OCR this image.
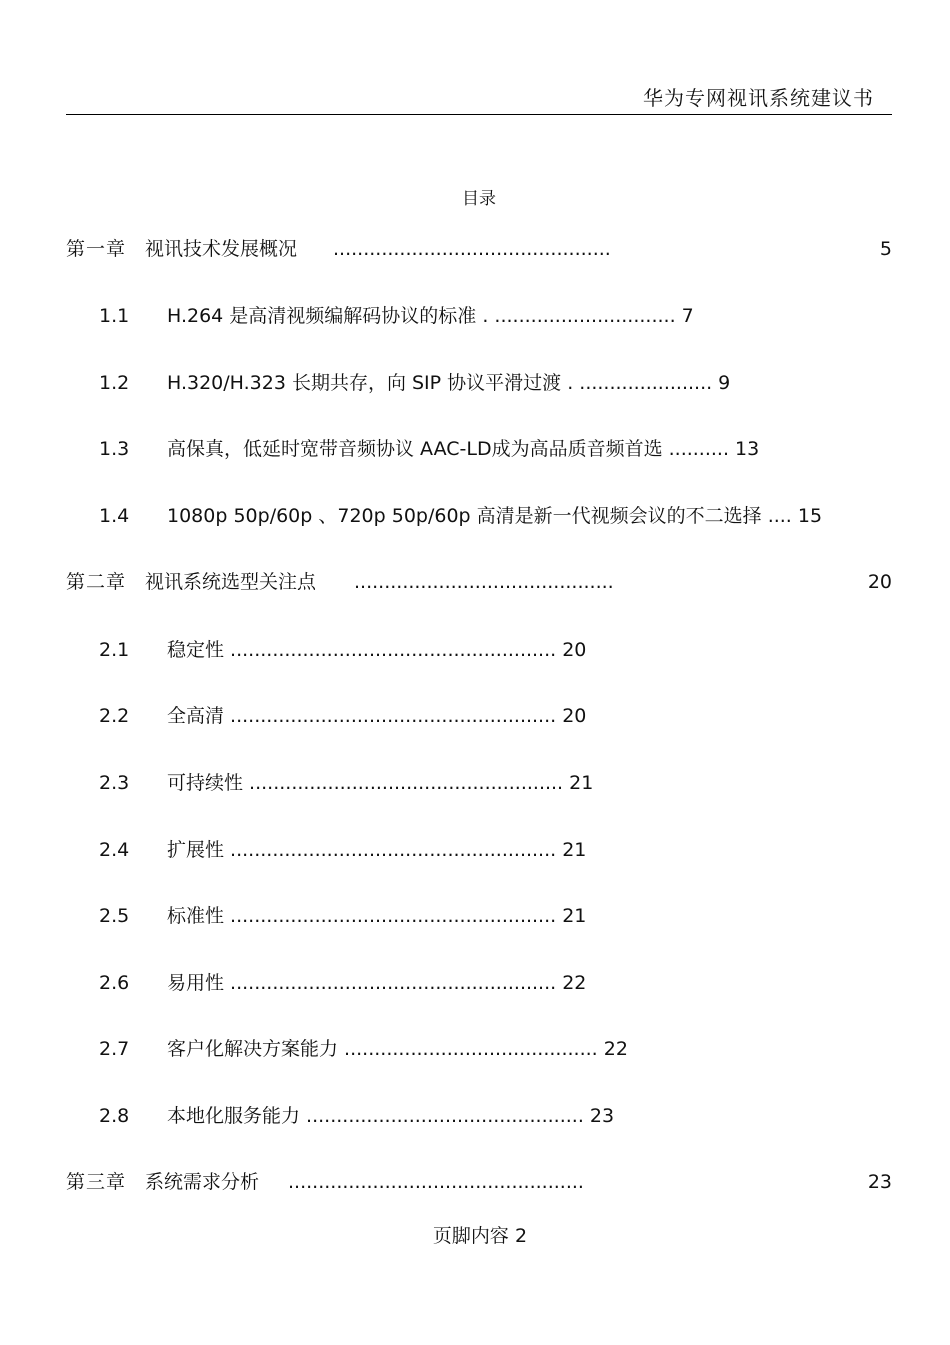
华为专网视讯系统建议书
目录
第一章 视讯技术发展概况 ..............................................	5
1.1 H.264 是高清视频编解码协议的标准 . .............................. 7
1.2 H.320/H.323 长期共存，向 SIP 协议平滑过渡 . ...................... 9
1.3 高保真，低延时宽带音频协议 AAC-LD成为高品质音频首选 .......... 13
1.4 1080p 50p/60p 、720p 50p/60p 高清是新一代视频会议的不二选择 .... 15
第二章 视讯系统选型关注点 ...........................................	20
2.1 稳定性 ...................................................... 20
2.2 全高清 ...................................................... 20
2.3 可持续性 .................................................... 21
2.4 扩展性 ...................................................... 21
2.5 标准性 ...................................................... 21
2.6 易用性 ...................................................... 22
2.7 客户化解决方案能力 .......................................... 22
2.8 本地化服务能力 .............................................. 23
第三章 系统需求分析 .................................................	23
页脚内容 2
